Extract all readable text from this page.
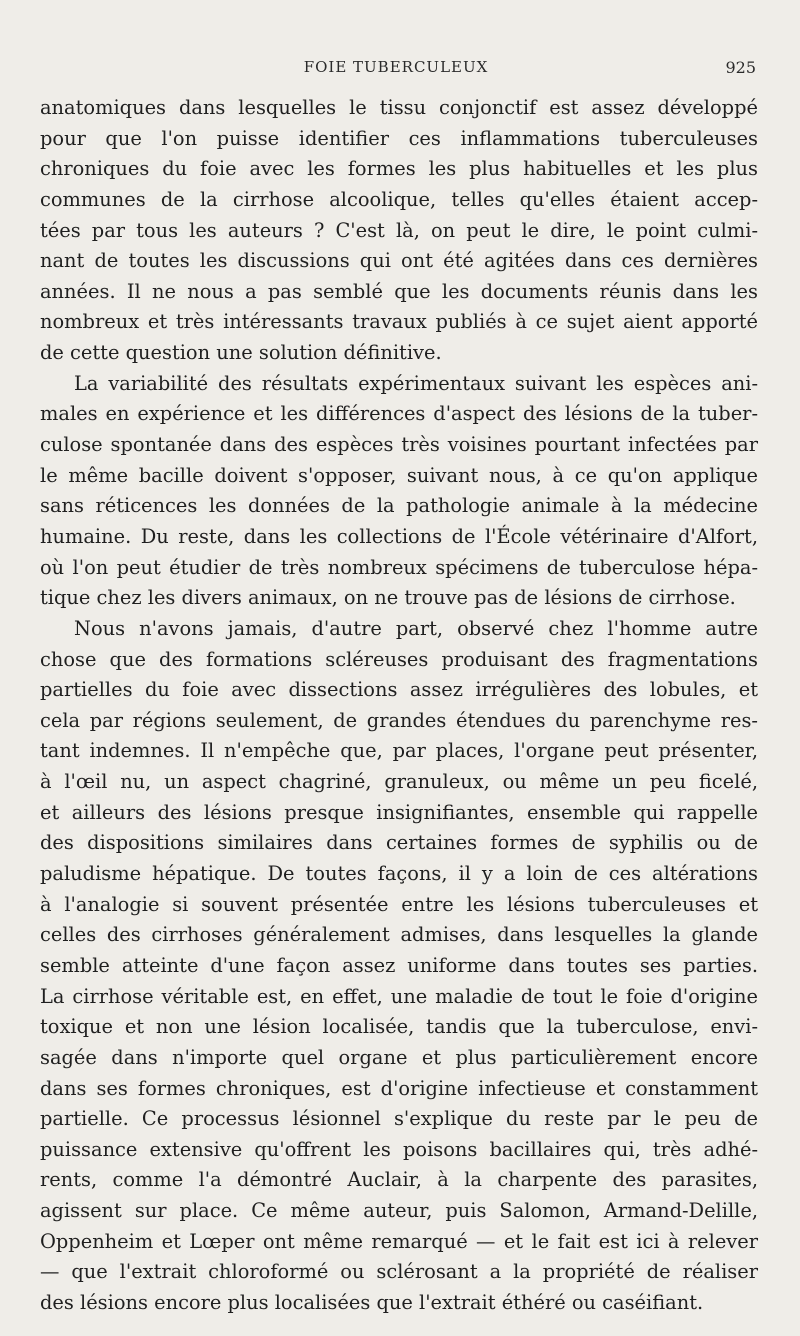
FOIE TUBERCULEUX	925
anatomiques dans lesquelles le tissu conjonctif est assez développé
pour que l'on puisse identifier ces inflammations tuberculeuses
chroniques du foie avec les formes les plus habituelles et les plus
communes de la cirrhose alcoolique, telles qu'elles étaient accep-
tées par tous les auteurs ? C'est là, on peut le dire, le point culmi-
nant de toutes les discussions qui ont été agitées dans ces dernières
années. Il ne nous a pas semblé que les documents réunis dans les
nombreux et très intéressants travaux publiés à ce sujet aient apporté
de cette question une solution définitive.
La variabilité des résultats expérimentaux suivant les espèces ani-
males en expérience et les différences d'aspect des lésions de la tuber-
culose spontanée dans des espèces très voisines pourtant infectées par
le même bacille doivent s'opposer, suivant nous, à ce qu'on applique
sans réticences les données de la pathologie animale à la médecine
humaine. Du reste, dans les collections de l'École vétérinaire d'Alfort,
où l'on peut étudier de très nombreux spécimens de tuberculose hépa-
tique chez les divers animaux, on ne trouve pas de lésions de cirrhose.
Nous n'avons jamais, d'autre part, observé chez l'homme autre
chose que des formations scléreuses produisant des fragmentations
partielles du foie avec dissections assez irrégulières des lobules, et
cela par régions seulement, de grandes étendues du parenchyme res-
tant indemnes. Il n'empêche que, par places, l'organe peut présenter,
à l'œil nu, un aspect chagriné, granuleux, ou même un peu ficelé,
et ailleurs des lésions presque insignifiantes, ensemble qui rappelle
des dispositions similaires dans certaines formes de syphilis ou de
paludisme hépatique. De toutes façons, il y a loin de ces altérations
à l'analogie si souvent présentée entre les lésions tuberculeuses et
celles des cirrhoses généralement admises, dans lesquelles la glande
semble atteinte d'une façon assez uniforme dans toutes ses parties.
La cirrhose véritable est, en effet, une maladie de tout le foie d'origine
toxique et non une lésion localisée, tandis que la tuberculose, envi-
sagée dans n'importe quel organe et plus particulièrement encore
dans ses formes chroniques, est d'origine infectieuse et constamment
partielle. Ce processus lésionnel s'explique du reste par le peu de
puissance extensive qu'offrent les poisons bacillaires qui, très adhé-
rents, comme l'a démontré Auclair, à la charpente des parasites,
agissent sur place. Ce même auteur, puis Salomon, Armand-Delille,
Oppenheim et Lœper ont même remarqué — et le fait est ici à relever
— que l'extrait chloroformé ou sclérosant a la propriété de réaliser
des lésions encore plus localisées que l'extrait éthéré ou caséifiant.
